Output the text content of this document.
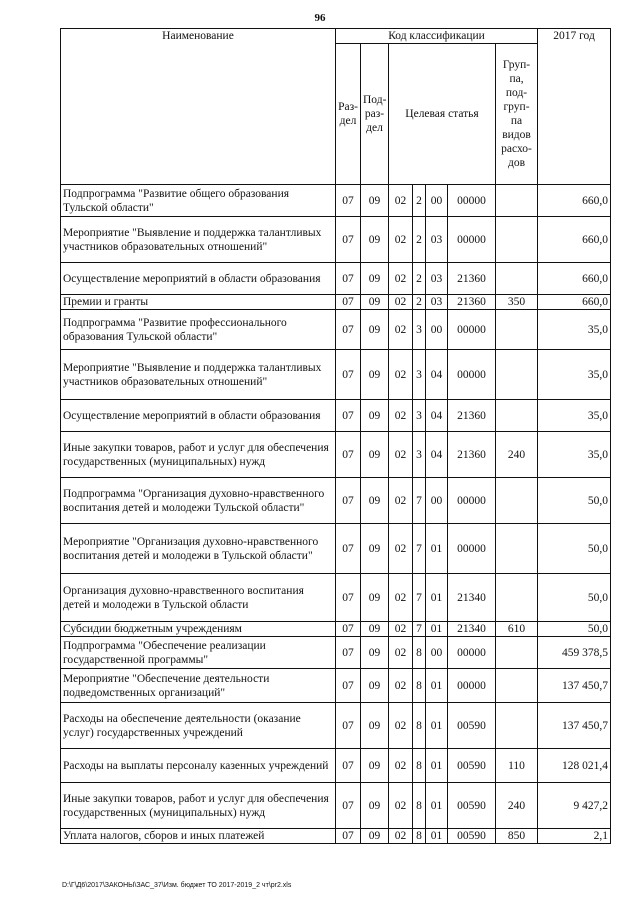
96
Наименование	Код классификации							2017 год
	Раз-дел	Под-раз-дел	Целевая статья				Груп-па, под-груп-па видов расхо-дов	
Подпрограмма "Развитие общего образования Тульской области"	07	09	02	2	00	00000		660,0
Мероприятие "Выявление и поддержка талантливых участников образовательных отношений"	07	09	02	2	03	00000		660,0
Осуществление мероприятий в области образования	07	09	02	2	03	21360		660,0
Премии и гранты	07	09	02	2	03	21360	350	660,0
Подпрограмма "Развитие профессионального образования Тульской области"	07	09	02	3	00	00000		35,0
Мероприятие "Выявление и поддержка талантливых участников образовательных отношений"	07	09	02	3	04	00000		35,0
Осуществление мероприятий в области образования	07	09	02	3	04	21360		35,0
Иные закупки товаров, работ и услуг для обеспечения государственных (муниципальных) нужд	07	09	02	3	04	21360	240	35,0
Подпрограмма "Организация духовно-нравственного воспитания детей и молодежи Тульской области"	07	09	02	7	00	00000		50,0
Мероприятие "Организация духовно-нравственного воспитания детей и молодежи в Тульской области"	07	09	02	7	01	00000		50,0
Организация духовно-нравственного воспитания детей и молодежи в Тульской области	07	09	02	7	01	21340		50,0
Субсидии бюджетным учреждениям	07	09	02	7	01	21340	610	50,0
Подпрограмма "Обеспечение реализации государственной программы"	07	09	02	8	00	00000		459 378,5
Мероприятие "Обеспечение деятельности подведомственных организаций"	07	09	02	8	01	00000		137 450,7
Расходы на обеспечение деятельности (оказание услуг) государственных учреждений	07	09	02	8	01	00590		137 450,7
Расходы на выплаты персоналу казенных учреждений	07	09	02	8	01	00590	110	128 021,4
Иные закупки товаров, работ и услуг для обеспечения государственных (муниципальных) нужд	07	09	02	8	01	00590	240	9 427,2
Уплата налогов, сборов и иных платежей	07	09	02	8	01	00590	850	2,1
D:\Г\Д6\2017\ЗАКОНЫ\ЗАС_37\Изм. бюджет ТО 2017-2019_2 чт\pr2.xls
